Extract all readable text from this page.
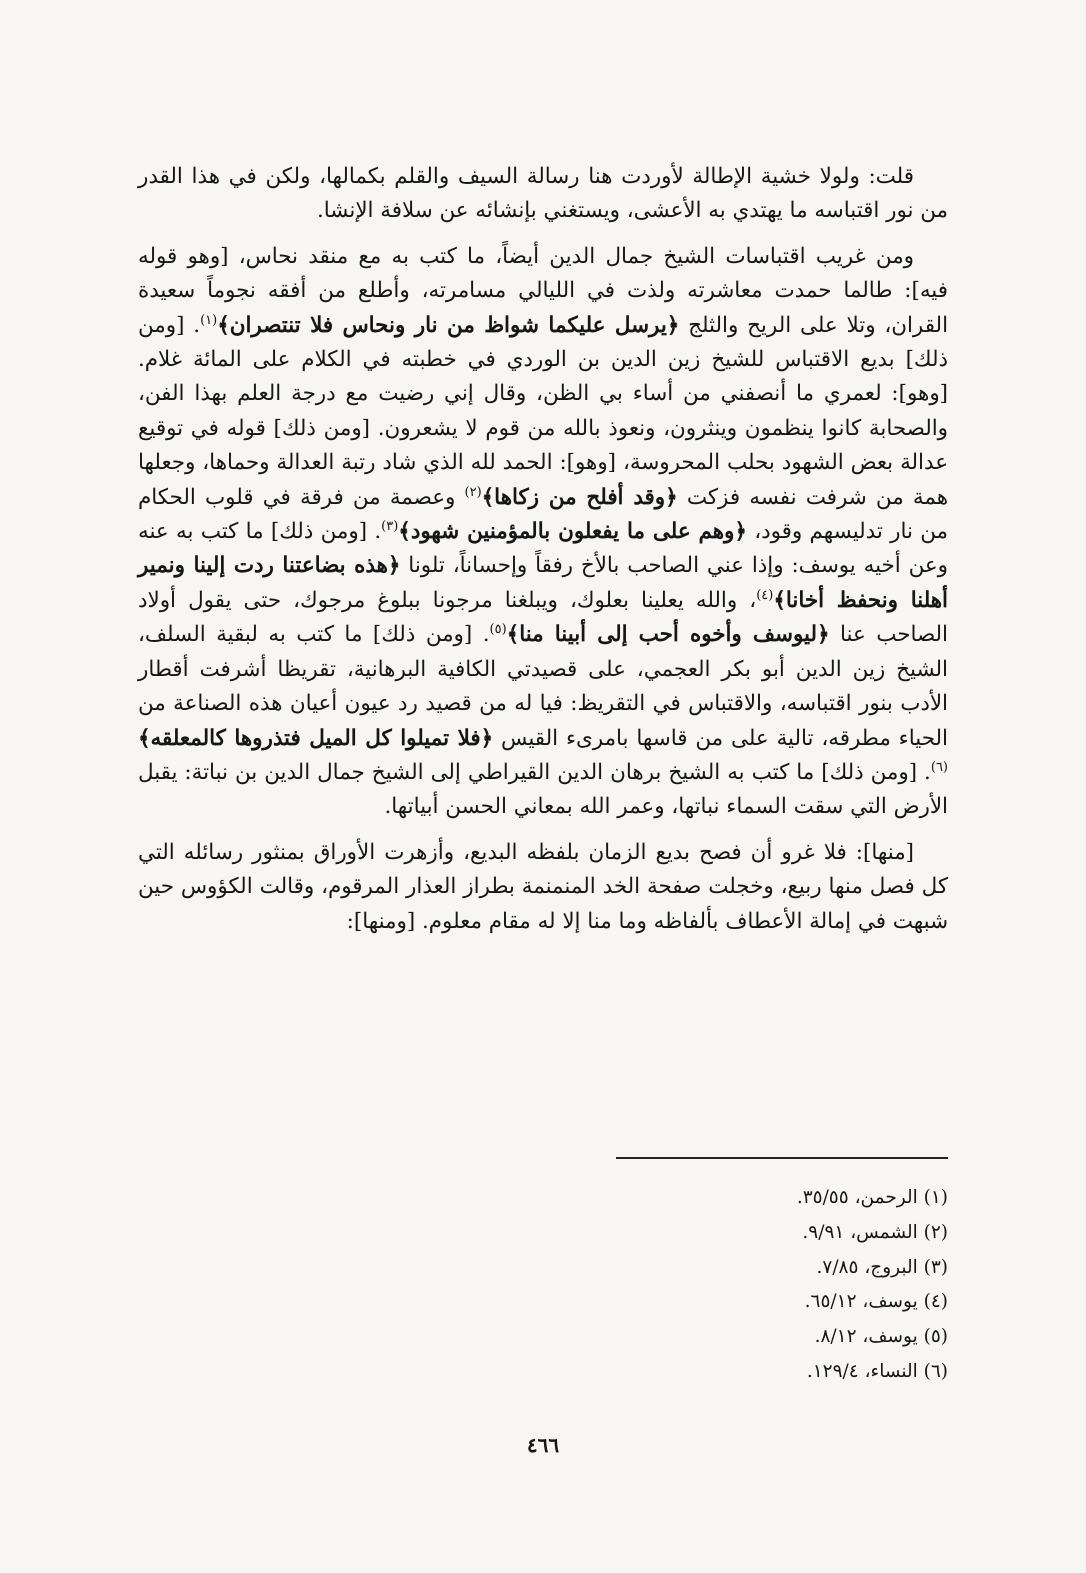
قلت: ولولا خشية الإطالة لأوردت هنا رسالة السيف والقلم بكمالها، ولكن في هذا القدر من نور اقتباسه ما يهتدي به الأعشى، ويستغني بإنشائه عن سلافة الإنشا.

ومن غريب اقتباسات الشيخ جمال الدين أيضاً، ما كتب به مع منقد نحاس، [وهو قوله فيه]: طالما حمدت معاشرته ولذت في الليالي مسامرته، وأطلع من أفقه نجوماً سعيدة القران، وتلا على الريح والثلج ﴿يرسل عليكما شواظ من نار ونحاس فلا تنتصران﴾$^{(١)}$. [ومن ذلك] بديع الاقتباس للشيخ زين الدين بن الوردي في خطبته في الكلام على المائة غلام. [وهو]: لعمري ما أنصفني من أساء بي الظن، وقال إني رضيت مع درجة العلم بهذا الفن، والصحابة كانوا ينظمون وينثرون، ونعوذ بالله من قوم لا يشعرون. [ومن ذلك] قوله في توقيع عدالة بعض الشهود بحلب المحروسة، [وهو]: الحمد لله الذي شاد رتبة العدالة وحماها، وجعلها همة من شرفت نفسه فزكت ﴿وقد أفلح من زكاها﴾$^{(٢)}$ وعصمة من فرقة في قلوب الحكام من نار تدليسهم وقود، ﴿وهم على ما يفعلون بالمؤمنين شهود﴾$^{(٣)}$. [ومن ذلك] ما كتب به عنه وعن أخيه يوسف: وإذا عني الصاحب بالأخ رفقاً وإحساناً، تلونا ﴿هذه بضاعتنا ردت إلينا ونمير أهلنا ونحفظ أخانا﴾$^{(٤)}$، والله يعلينا بعلوك، ويبلغنا مرجونا ببلوغ مرجوك، حتى يقول أولاد الصاحب عنا ﴿ليوسف وأخوه أحب إلى أبينا منا﴾$^{(٥)}$. [ومن ذلك] ما كتب به لبقية السلف، الشيخ زين الدين أبو بكر العجمي، على قصيدتي الكافية البرهانية، تقريظا أشرفت أقطار الأدب بنور اقتباسه، والاقتباس في التقريظ: فيا له من قصيد رد عيون أعيان هذه الصناعة من الحياء مطرقه، تالية على من قاسها بامرىء القيس ﴿فلا تميلوا كل الميل فتذروها كالمعلقه﴾$^{(٦)}$. [ومن ذلك] ما كتب به الشيخ برهان الدين القيراطي إلى الشيخ جمال الدين بن نباتة: يقبل الأرض التي سقت السماء نباتها، وعمر الله بمعاني الحسن أبياتها.

[منها]: فلا غرو أن فصح بديع الزمان بلفظه البديع، وأزهرت الأوراق بمنثور رسائله التي كل فصل منها ربيع، وخجلت صفحة الخد المنمنمة بطراز العذار المرقوم، وقالت الكؤوس حين شبهت في إمالة الأعطاف بألفاظه وما منا إلا له مقام معلوم. [ومنها]:

(١) الرحمن، ٣٥/٥٥.
(٢) الشمس، ٩/٩١.
(٣) البروج، ٧/٨٥.
(٤) يوسف، ٦٥/١٢.
(٥) يوسف، ٨/١٢.
(٦) النساء، ١٢٩/٤.
٤٦٦
